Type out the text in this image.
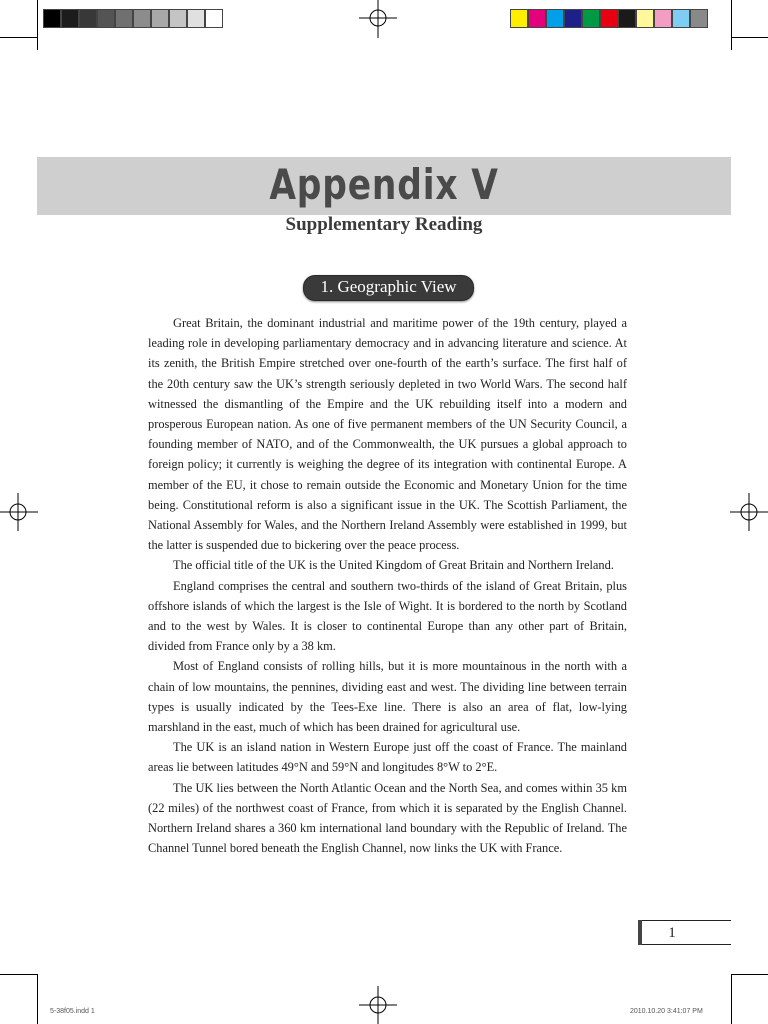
Appendix V
Supplementary Reading
1. Geographic View

Great Britain, the dominant industrial and maritime power of the 19th century, played a leading role in developing parliamentary democracy and in advancing literature and science. At its zenith, the British Empire stretched over one-fourth of the earth’s surface. The first half of the 20th century saw the UK’s strength seriously depleted in two World Wars. The second half witnessed the dismantling of the Empire and the UK rebuilding itself into a modern and prosperous European nation. As one of five permanent members of the UN Security Council, a founding member of NATO, and of the Commonwealth, the UK pursues a global approach to foreign policy; it currently is weighing the degree of its integration with continental Europe. A member of the EU, it chose to remain outside the Economic and Monetary Union for the time being. Constitutional reform is also a significant issue in the UK. The Scottish Parliament, the National Assembly for Wales, and the Northern Ireland Assembly were established in 1999, but the latter is suspended due to bickering over the peace process.

The official title of the UK is the United Kingdom of Great Britain and Northern Ireland.

England comprises the central and southern two-thirds of the island of Great Britain, plus offshore islands of which the largest is the Isle of Wight. It is bordered to the north by Scotland and to the west by Wales. It is closer to continental Europe than any other part of Britain, divided from France only by a 38 km.

Most of England consists of rolling hills, but it is more mountainous in the north with a chain of low mountains, the pennines, dividing east and west. The dividing line between terrain types is usually indicated by the Tees-Exe line. There is also an area of flat, low-lying marshland in the east, much of which has been drained for agricultural use.

The UK is an island nation in Western Europe just off the coast of France. The mainland areas lie between latitudes 49°N and 59°N and longitudes 8°W to 2°E.

The UK lies between the North Atlantic Ocean and the North Sea, and comes within 35 km (22 miles) of the northwest coast of France, from which it is separated by the English Channel. Northern Ireland shares a 360 km international land boundary with the Republic of Ireland. The Channel Tunnel bored beneath the English Channel, now links the UK with France.

1
5-38f05.indd 1	2010.10.20 3:41:07 PM
